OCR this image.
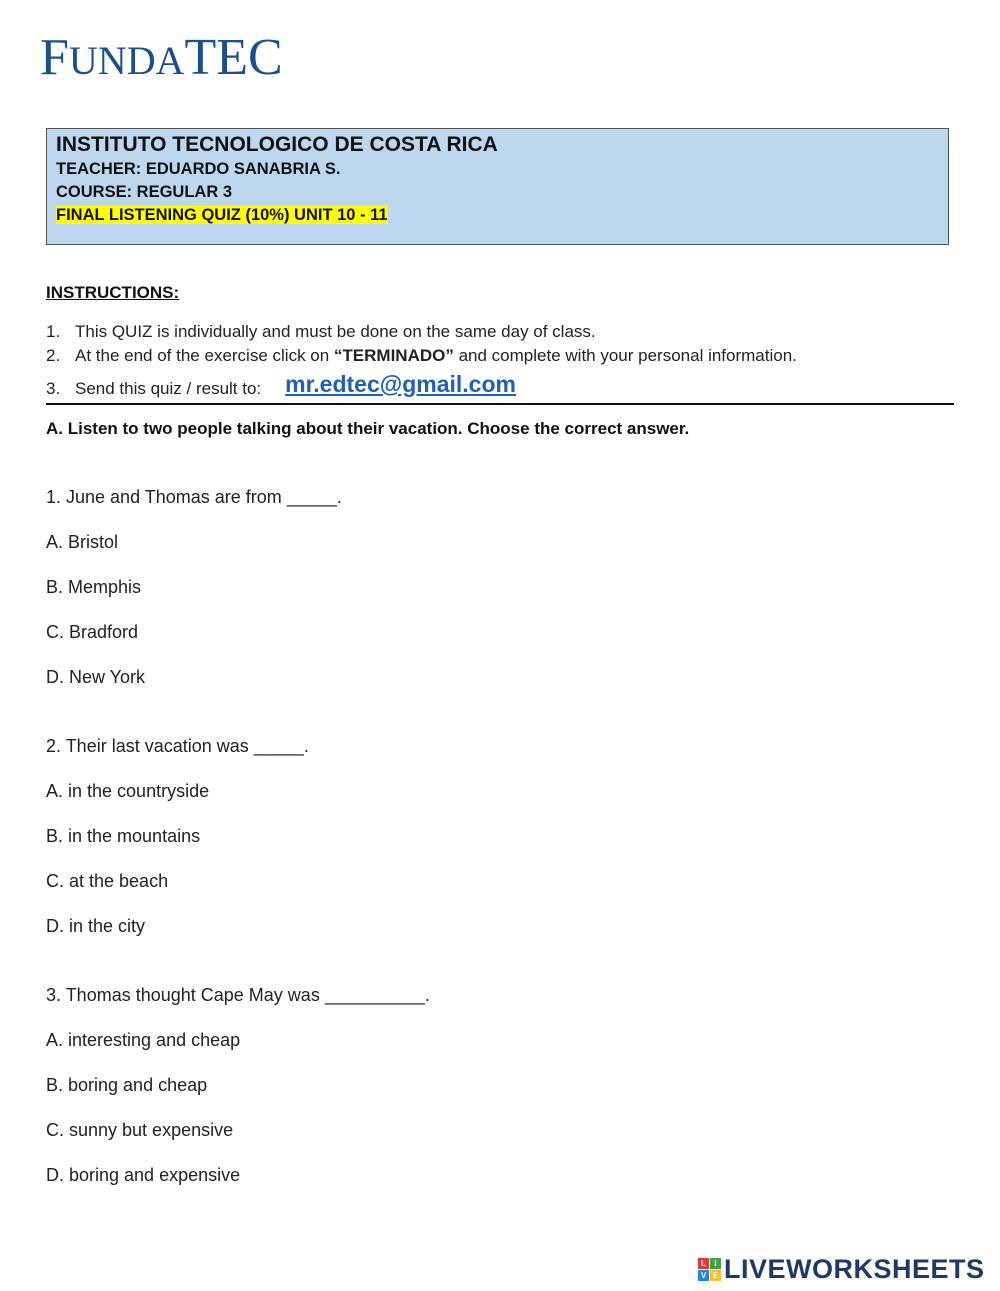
FUNDATEC
INSTITUTO TECNOLOGICO DE COSTA RICA
TEACHER: EDUARDO SANABRIA S.
COURSE: REGULAR 3
FINAL LISTENING QUIZ (10%) UNIT 10 - 11
INSTRUCTIONS:
1. This QUIZ is individually and must be done on the same day of class.
2. At the end of the exercise click on “TERMINADO” and complete with your personal information.
3. Send this quiz / result to: mr.edtec@gmail.com
A. Listen to two people talking about their vacation. Choose the correct answer.
1. June and Thomas are from _____.
A. Bristol
B. Memphis
C. Bradford
D. New York
2. Their last vacation was _____.
A. in the countryside
B. in the mountains
C. at the beach
D. in the city
3. Thomas thought Cape May was __________.
A. interesting and cheap
B. boring and cheap
C. sunny but expensive
D. boring and expensive
L	I
V E LIVEWORKSHEETS
